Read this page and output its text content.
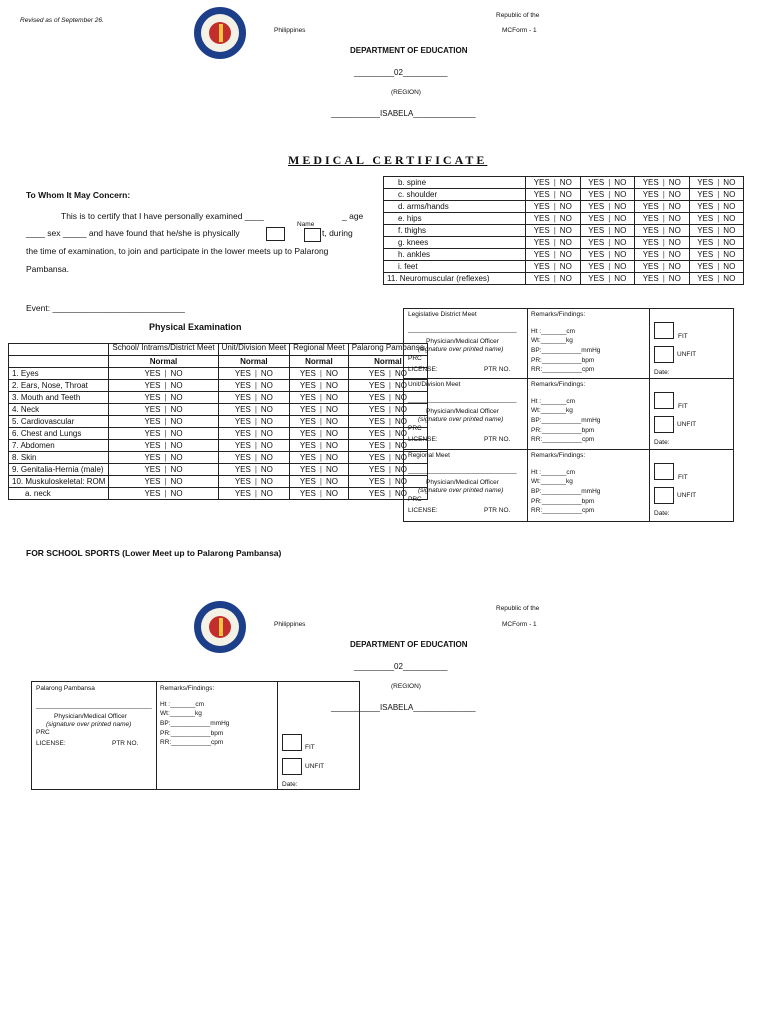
Revised as of September 26.
Philippines
Republic of the
MCForm - 1
DEPARTMENT OF EDUCATION
_________02__________
(REGION)
___________ISABELA______________
MEDICAL CERTIFICATE
To Whom It May Concern:
This is to certify that I have personally examined ____	_ age
Name
____ sex _____ and have found that he/she is physically	t, during
the time of examination, to join and participate in the lower meets up to Palarong
Pambansa.
Event: ____________________________
b. spine	YES | NO	YES | NO	YES | NO	YES | NO
c. shoulder	YES | NO	YES | NO	YES | NO	YES | NO
d. arms/hands	YES | NO	YES | NO	YES | NO	YES | NO
e. hips	YES | NO	YES | NO	YES | NO	YES | NO
f. thighs	YES | NO	YES | NO	YES | NO	YES | NO
g. knees	YES | NO	YES | NO	YES | NO	YES | NO
h. ankles	YES | NO	YES | NO	YES | NO	YES | NO
i. feet	YES | NO	YES | NO	YES | NO	YES | NO
11. Neuromuscular (reflexes)	YES | NO	YES | NO	YES | NO	YES | NO
Physical Examination
	School/ Intrams/District Meet	Unit/Division Meet	Regional Meet	Palarong Pambansa
	Normal	Normal	Normal	Normal
1. Eyes	YES | NO	YES | NO	YES | NO	YES | NO
2. Ears, Nose, Throat	YES | NO	YES | NO	YES | NO	YES | NO
3. Mouth and Teeth	YES | NO	YES | NO	YES | NO	YES | NO
4. Neck	YES | NO	YES | NO	YES | NO	YES | NO
5. Cardiovascular	YES | NO	YES | NO	YES | NO	YES | NO
6. Chest and Lungs	YES | NO	YES | NO	YES | NO	YES | NO
7. Abdomen	YES | NO	YES | NO	YES | NO	YES | NO
8. Skin	YES | NO	YES | NO	YES | NO	YES | NO
9. Genitalia-Hernia (male)	YES | NO	YES | NO	YES | NO	YES | NO
10. Muskuloskeletal: ROM	YES | NO	YES | NO	YES | NO	YES | NO
a. neck	YES | NO	YES | NO	YES | NO	YES | NO
Legislative District Meet
______________________________
Physician/Medical Officer
(signature over printed name)
PRC
LICENSE:	PTR NO.
Remarks/Findings:
Ht :_______cm
Wt:_______kg
BP:___________mmHg
PR:___________bpm
RR:___________cpm
FIT
UNFIT
Date:
Unit/Division Meet
______________________________
Physician/Medical Officer
(signature over printed name)
PRC
LICENSE:	PTR NO.
Remarks/Findings:
Ht :_______cm
Wt:_______kg
BP:___________mmHg
PR:___________bpm
RR:___________cpm
FIT
UNFIT
Date:
Regional Meet
______________________________
Physician/Medical Officer
(signature over printed name)
PRC
LICENSE:	PTR NO.
Remarks/Findings:
Ht :_______cm
Wt:_______kg
BP:___________mmHg
PR:___________bpm
RR:___________cpm
FIT
UNFIT
Date:
FOR SCHOOL SPORTS (Lower Meet up to Palarong Pambansa)
Philippines
Republic of the
MCForm - 1
DEPARTMENT OF EDUCATION
_________02__________
(REGION)
___________ISABELA______________
Palarong Pambansa
________________________________
Physician/Medical Officer
(signature over printed name)
PRC
LICENSE:	PTR NO.
Remarks/Findings:
Ht :_______cm
Wt:_______kg
BP:___________mmHg
PR:___________bpm
RR:___________cpm
FIT
UNFIT
Date:
